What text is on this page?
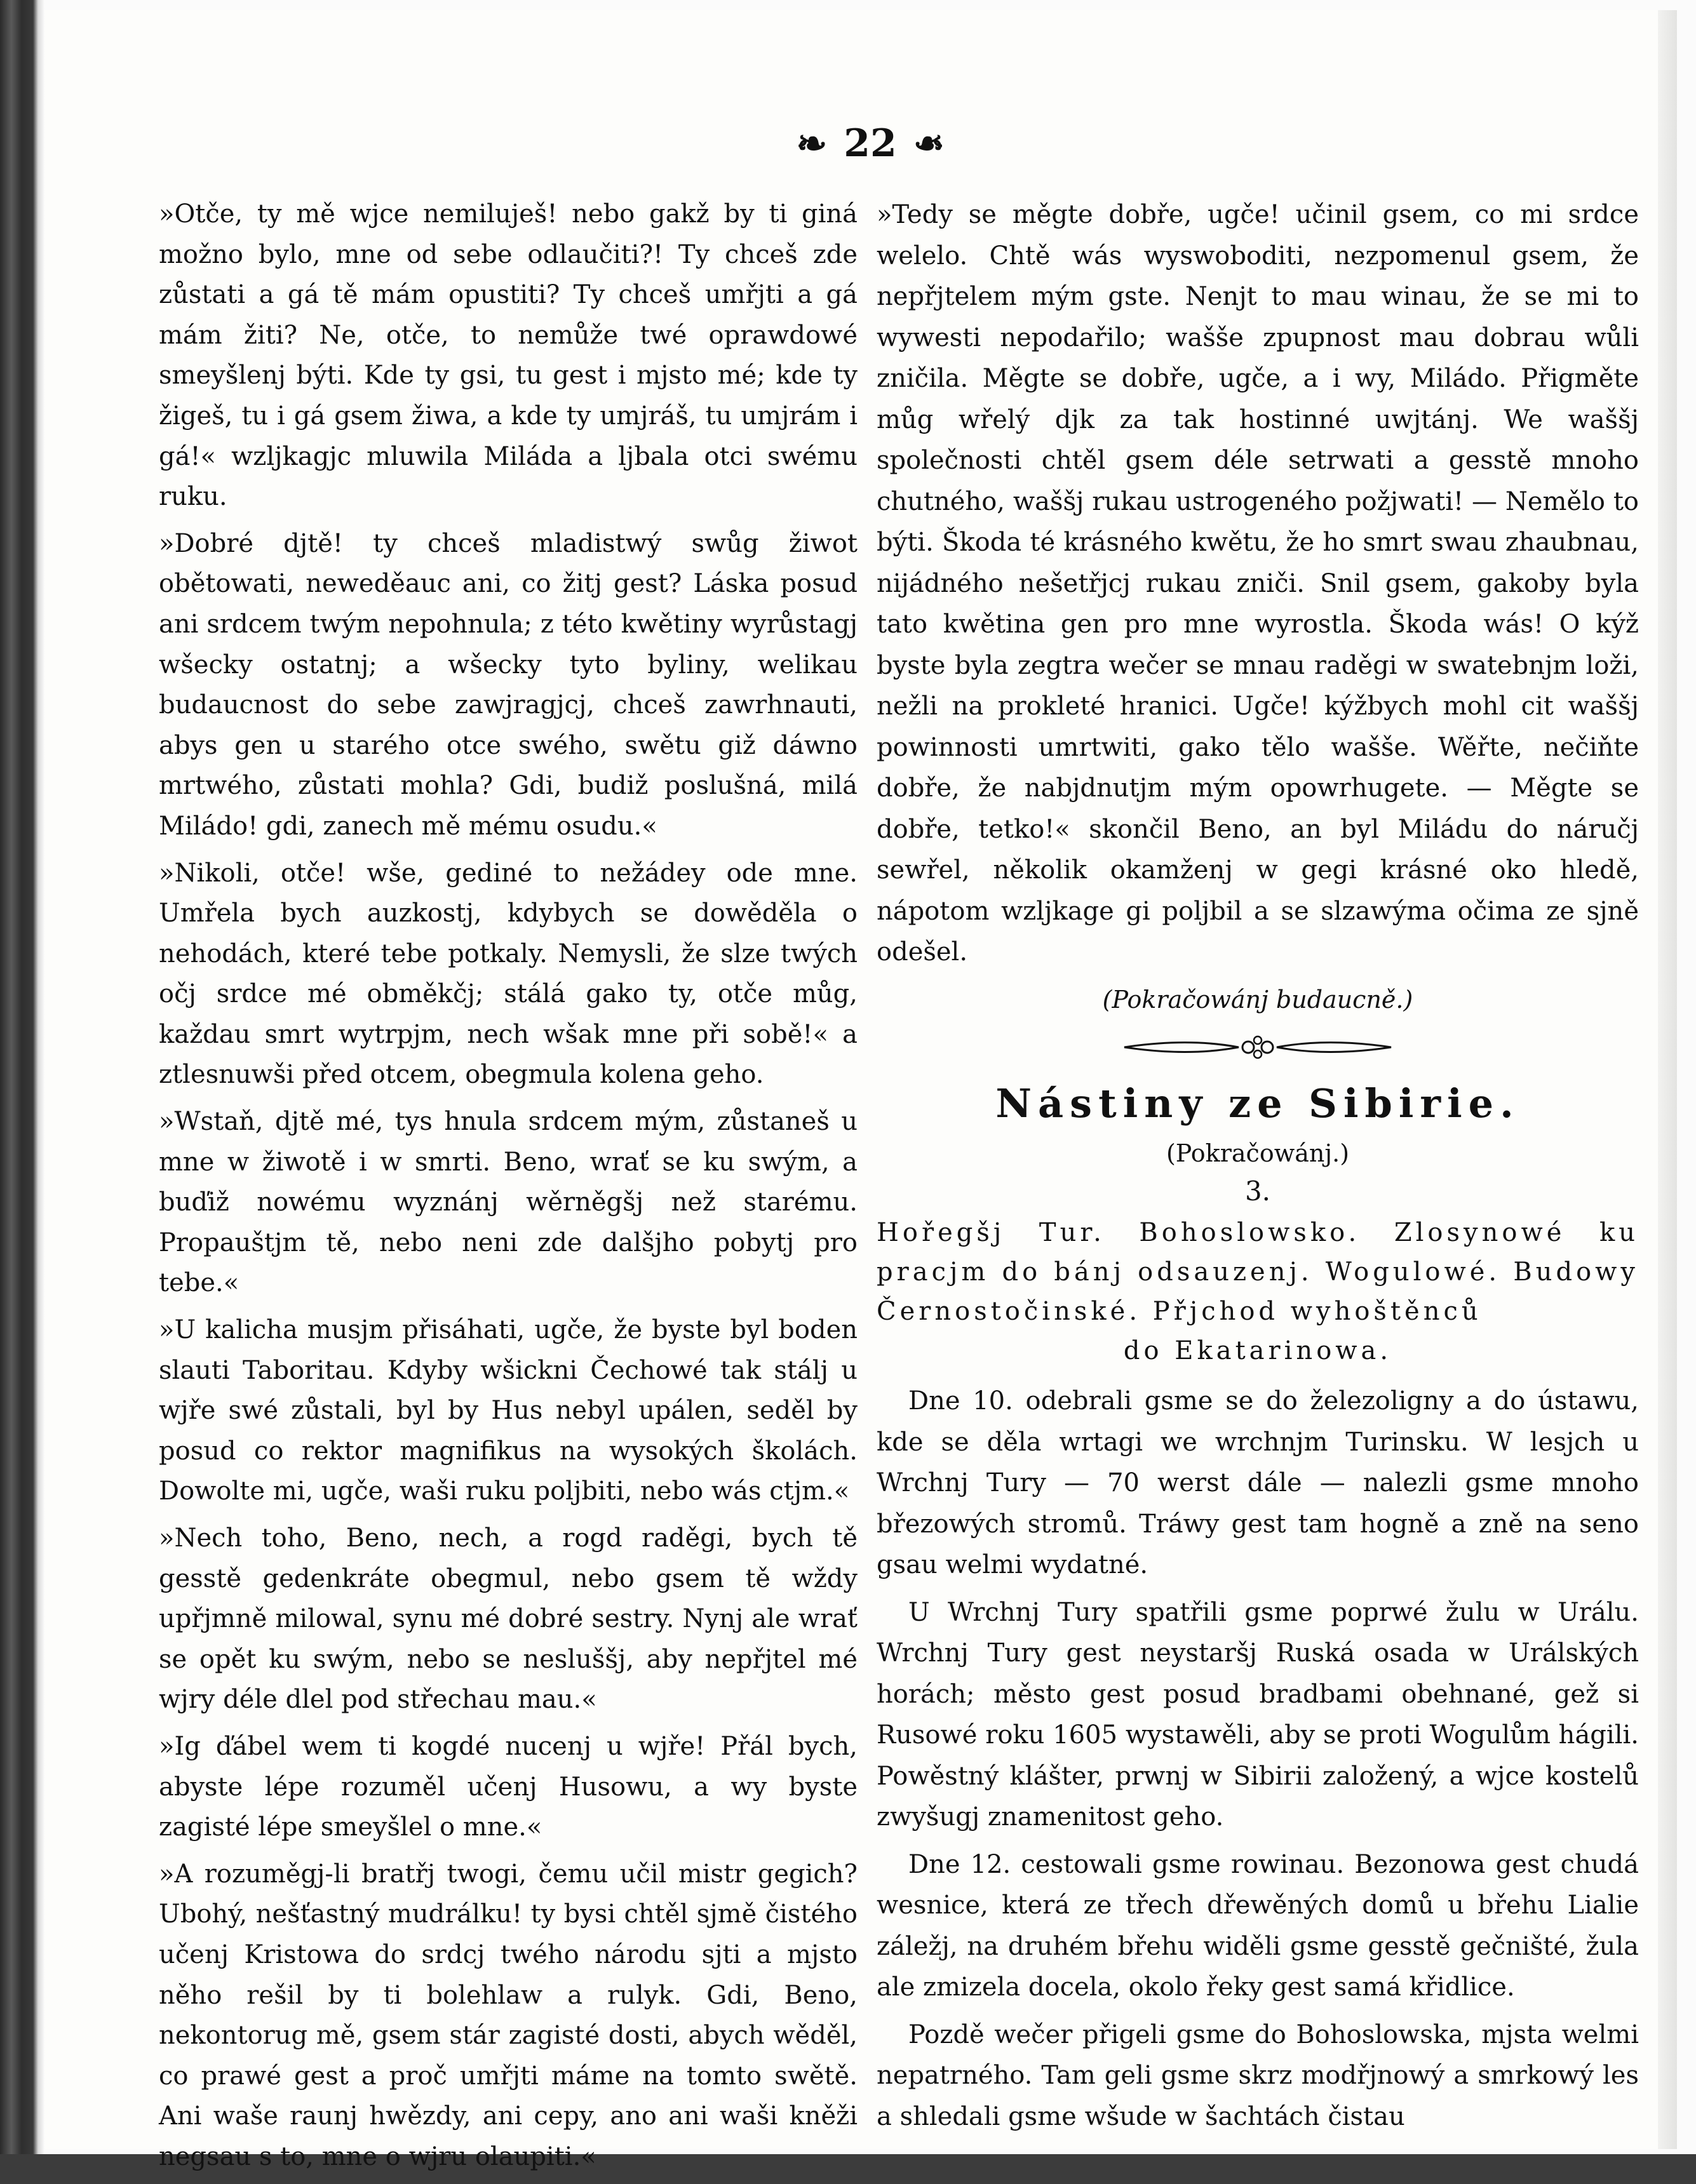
❧ 22 ❧

»Otče, ty mě wjce nemiluješ! nebo gakž by ti giná možno bylo, mne od sebe odlaučiti?! Ty chceš zde zůstati a gá tě mám opustiti? Ty chceš umřjti a gá mám žiti? Ne, otče, to nemůže twé oprawdowé smeyšlenj býti. Kde ty gsi, tu gest i mjsto mé; kde ty žigeš, tu i gá gsem žiwa, a kde ty umjráš, tu umjrám i gá!« wzljkagjc mluwila Miláda a ljbala otci swému ruku.

»Dobré djtě! ty chceš mladistwý swůg žiwot obětowati, neweděauc ani, co žitj gest? Láska posud ani srdcem twým nepohnula; z této kwětiny wyrůstagj wšecky ostatnj; a wšecky tyto byliny, welikau budaucnost do sebe zawjragjcj, chceš zawrhnauti, abys gen u starého otce swého, swětu giž dáwno mrtwého, zůstati mohla? Gdi, budiž poslušná, milá Miládo! gdi, zanech mě mému osudu.«

»Nikoli, otče! wše, gediné to nežádey ode mne. Umřela bych auzkostj, kdybych se dowěděla o nehodách, které tebe potkaly. Nemysli, že slze twých očj srdce mé obměkčj; stálá gako ty, otče můg, každau smrt wytrpjm, nech wšak mne při sobě!« a ztlesnuwši před otcem, obegmula kolena geho.

»Wstaň, djtě mé, tys hnula srdcem mým, zůstaneš u mne w žiwotě i w smrti. Beno, wrať se ku swým, a buďiž nowému wyznánj wěrněgšj než starému. Propauštjm tě, nebo neni zde dalšjho pobytj pro tebe.«

»U kalicha musjm přisáhati, ugče, že byste byl boden slauti Taboritau. Kdyby wšickni Čechowé tak stálj u wjře swé zůstali, byl by Hus nebyl upálen, seděl by posud co rektor magnifikus na wysokých školách. Dowolte mi, ugče, waši ruku poljbiti, nebo wás ctjm.«

»Nech toho, Beno, nech, a rogd raděgi, bych tě gesstě gedenkráte obegmul, nebo gsem tě wždy upřjmně milowal, synu mé dobré sestry. Nynj ale wrať se opět ku swým, nebo se nesluššj, aby nepřjtel mé wjry déle dlel pod střechau mau.«

»Ig ďábel wem ti kogdé nucenj u wjře! Přál bych, abyste lépe rozuměl učenj Husowu, a wy byste zagisté lépe smeyšlel o mne.«

»A rozuměgj-li bratřj twogi, čemu učil mistr gegich? Ubohý, nešťastný mudrálku! ty bysi chtěl sjmě čistého učenj Kristowa do srdcj twého národu sjti a mjsto něho rešil by ti bolehlaw a rulyk. Gdi, Beno, nekontorug mě, gsem stár zagisté dosti, abych wěděl, co prawé gest a proč umřjti máme na tomto swětě. Ani waše raunj hwězdy, ani cepy, ano ani waši kněži negsau s to, mne o wjru olaupiti.«

»Tedy se měgte dobře, ugče! učinil gsem, co mi srdce welelo. Chtě wás wyswoboditi, nezpomenul gsem, že nepřjtelem mým gste. Nenjt to mau winau, že se mi to wywesti nepodařilo; wašše zpupnost mau dobrau wůli zničila. Měgte se dobře, ugče, a i wy, Miládo. Přigměte můg wřelý djk za tak hostinné uwjtánj. We waššj společnosti chtěl gsem déle setrwati a gesstě mnoho chutného, waššj rukau ustrogeného požjwati! — Nemělo to býti. Škoda té krásného kwětu, že ho smrt swau zhaubnau, nijádného nešetřjcj rukau zniči. Snil gsem, gakoby byla tato kwětina gen pro mne wyrostla. Škoda wás! O kýž byste byla zegtra wečer se mnau raděgi w swatebnjm loži, nežli na prokleté hranici. Ugče! kýžbych mohl cit waššj powinnosti umrtwiti, gako tělo wašše. Wěřte, nečiňte dobře, že nabjdnutjm mým opowrhugete. — Měgte se dobře, tetko!« skončil Beno, an byl Miládu do náručj sewřel, několik okamženj w gegi krásné oko hledě, nápotom wzljkage gi poljbil a se slzawýma očima ze sjně odešel.

(Pokračowánj budaucně.)

Nástiny ze Sibirie.
(Pokračowánj.)
3.
Hořegšj Tur. Bohoslowsko. Zlosynowé ku pracjm do bánj odsauzenj. Wogulowé. Budowy Černostočinské. Přjchod wyhoštěnců
do Ekatarinowa.

Dne 10. odebrali gsme se do železoligny a do ústawu, kde se děla wrtagi we wrchnjm Turinsku. W lesjch u Wrchnj Tury — 70 werst dále — nalezli gsme mnoho březowých stromů. Tráwy gest tam hogně a zně na seno gsau welmi wydatné.

U Wrchnj Tury spatřili gsme poprwé žulu w Urálu. Wrchnj Tury gest neystaršj Ruská osada w Urálských horách; město gest posud bradbami obehnané, gež si Rusowé roku 1605 wystawěli, aby se proti Wogulům hágili. Powěstný klášter, prwnj w Sibirii založený, a wjce kostelů zwyšugj znamenitost geho.

Dne 12. cestowali gsme rowinau. Bezonowa gest chudá wesnice, která ze třech dřewěných domů u břehu Lialie záležj, na druhém břehu widěli gsme gesstě gečništé, žula ale zmizela docela, okolo řeky gest samá křidlice.

Pozdě wečer přigeli gsme do Bohoslowska, mjsta welmi nepatrného. Tam geli gsme skrz modřjnowý a smrkowý les a shledali gsme wšude w šachtách čistau
